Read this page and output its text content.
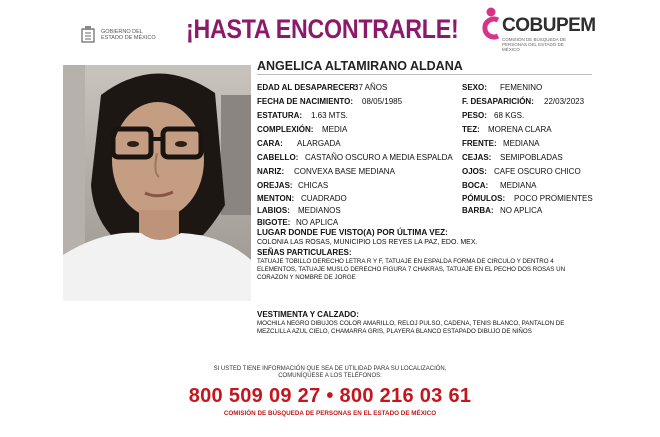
GOBIERNO DEL
ESTADO DE MÉXICO ¡HASTA ENCONTRARLE! COBUPEM
COMISIÓN DE BÚSQUEDA DE PERSONAS DEL ESTADO DE MÉXICO
ANGELICA ALTAMIRANO ALDANA
EDAD AL DESAPARECER:
37 AÑOS
FECHA DE NACIMIENTO: 08/05/1985
ESTATURA: 1.63 MTS.
COMPLEXIÓN: MEDIA
CARA: ALARGADA
CABELLO: CASTAÑO OSCURO A MEDIA ESPALDA
NARIZ: CONVEXA BASE MEDIANA
OREJAS: CHICAS
MENTON: CUADRADO
LABIOS: MEDIANOS
BIGOTE: NO APLICA
SEXO: FEMENINO
F. DESAPARICIÓN: 22/03/2023
PESO: 68 KGS.
TEZ: MORENA CLARA
FRENTE: MEDIANA
CEJAS: SEMIPOBLADAS
OJOS: CAFE OSCURO CHICO
BOCA: MEDIANA
PÓMULOS: POCO PROMIENTES
BARBA: NO APLICA
LUGAR DONDE FUE VISTO(A) POR ÚLTIMA VEZ:
COLONIA LAS ROSAS, MUNICIPIO LOS REYES LA PAZ, EDO. MEX.
SEÑAS PARTICULARES:
TATUAJE TOBILLO DERECHO LETRA R Y F, TATUAJE EN ESPALDA FORMA DE CIRCULO Y DENTRO 4
ELEMENTOS, TATUAJE MUSLO DERECHO FIGURA 7 CHAKRAS, TATUAJE EN EL PECHO DOS ROSAS UN
CORAZON Y NOMBRE DE JORGE
VESTIMENTA Y CALZADO:
MOCHILA NEGRO DIBUJOS COLOR AMARILLO, RELOJ PULSO, CADENA, TENIS BLANCO, PANTALON DE
MEZCLILLA AZUL CIELO, CHAMARRA GRIS, PLAYERA BLANCO ESTAPADO DIBUJO DE NIÑOS
SI USTED TIENE INFORMACIÓN QUE SEA DE UTILIDAD PARA SU LOCALIZACIÓN,
COMUNÍQUESE A LOS TELÉFONOS:
800 509 09 27 • 800 216 03 61
COMISIÓN DE BÚSQUEDA DE PERSONAS EN EL ESTADO DE MÉXICO
